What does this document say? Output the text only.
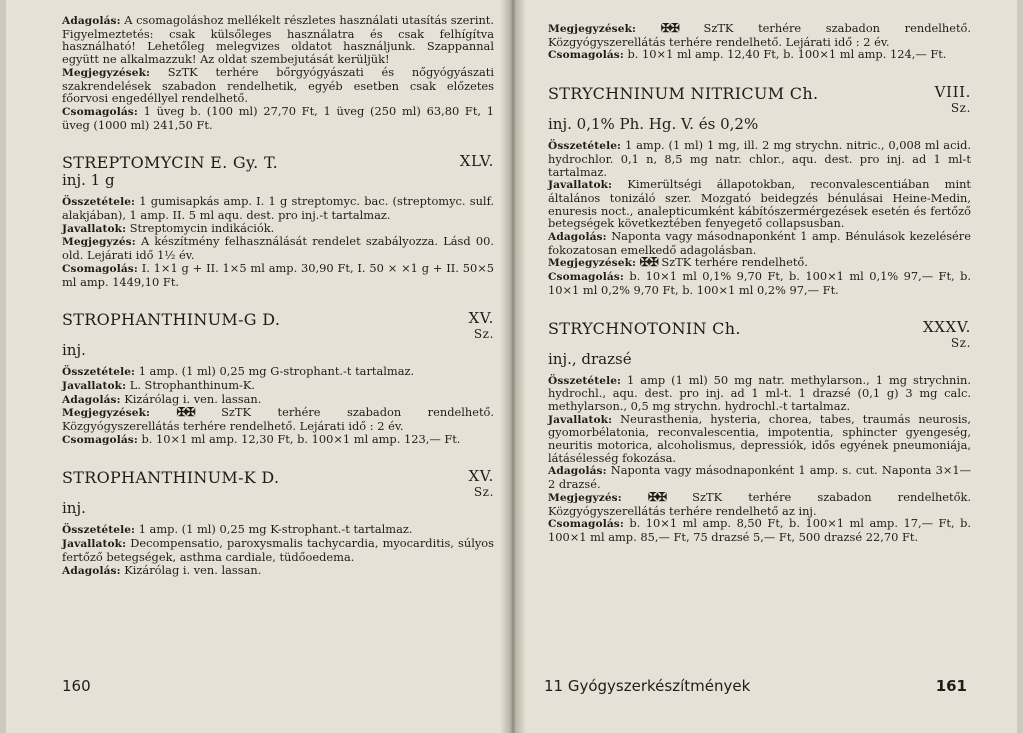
Adagolás: A csomagoláshoz mellékelt részletes használati utasítás szerint. Figyelmeztetés: csak külsőleges használatra és csak felhígítva használható! Lehetőleg melegvizes oldatot használjunk. Szappannal együtt ne alkalmazzuk! Az oldat szembejutását kerüljük!

Megjegyzések: SzTK terhére bőrgyógyászati és nőgyógyászati szakrendelések szabadon rendelhetik, egyéb esetben csak előzetes főorvosi engedéllyel rendelhető.

Csomagolás: 1 üveg b. (100 ml) 27,70 Ft, 1 üveg (250 ml) 63,80 Ft, 1 üveg (1000 ml) 241,50 Ft.

STREPTOMYCIN E. Gy. T.	XLV.
inj. 1 g

Összetétele: 1 gumisapkás amp. I. 1 g streptomyc. bac. (streptomyc. sulf. alakjában), 1 amp. II. 5 ml aqu. dest. pro inj.-t tartalmaz.

Javallatok: Streptomycin indikációk.

Megjegyzés: A készítmény felhasználását rendelet szabályozza. Lásd 00. old. Lejárati idő 1½ év.

Csomagolás: I. 1×1 g + II. 1×5 ml amp. 30,90 Ft, I. 50 × ×1 g + II. 50×5 ml amp. 1449,10 Ft.

STROPHANTHINUM-G D.	XV.
Sz.
inj.

Összetétele: 1 amp. (1 ml) 0,25 mg G-strophant.-t tartalmaz.

Javallatok: L. Strophanthinum-K.

Adagolás: Kizárólag i. ven. lassan.

Megjegyzések: ✠✠ SzTK terhére szabadon rendelhető. Közgyógyszerellátás terhére rendelhető. Lejárati idő : 2 év.

Csomagolás: b. 10×1 ml amp. 12,30 Ft, b. 100×1 ml amp. 123,— Ft.

STROPHANTHINUM-K D.	XV.
Sz.
inj.

Összetétele: 1 amp. (1 ml) 0,25 mg K-strophant.-t tartalmaz.

Javallatok: Decompensatio, paroxysmalis tachycardia, myocarditis, súlyos fertőző betegségek, asthma cardiale, tüdőoedema.

Adagolás: Kizárólag i. ven. lassan.

160

Megjegyzések: ✠✠ SzTK terhére szabadon rendelhető. Közgyógyszerellátás terhére rendelhető. Lejárati idő : 2 év.

Csomagolás: b. 10×1 ml amp. 12,40 Ft, b. 100×1 ml amp. 124,— Ft.

STRYCHNINUM NITRICUM Ch.	VIII.
Sz.
inj. 0,1% Ph. Hg. V. és 0,2%

Összetétele: 1 amp. (1 ml) 1 mg, ill. 2 mg strychn. nitric., 0,008 ml acid. hydrochlor. 0,1 n, 8,5 mg natr. chlor., aqu. dest. pro inj. ad 1 ml-t tartalmaz.

Javallatok: Kimerültségi állapotokban, reconvalescentiában mint általános tonizáló szer. Mozgató beidegzés bénulásai Heine-Medin, enuresis noct., analepticumként kábítószermérgezések esetén és fertőző betegségek következtében fenyegető collapsusban.

Adagolás: Naponta vagy másodnaponként 1 amp. Bénulások kezelésére fokozatosan emelkedő adagolásban.

Megjegyzések: ✠✠ SzTK terhére rendelhető.

Csomagolás: b. 10×1 ml 0,1% 9,70 Ft, b. 100×1 ml 0,1% 97,— Ft, b. 10×1 ml 0,2% 9,70 Ft, b. 100×1 ml 0,2% 97,— Ft.

STRYCHNOTONIN Ch.	XXXV.
Sz.
inj., drazsé

Összetétele: 1 amp (1 ml) 50 mg natr. methylarson., 1 mg strychnin. hydrochl., aqu. dest. pro inj. ad 1 ml-t. 1 drazsé (0,1 g) 3 mg calc. methylarson., 0,5 mg strychn. hydrochl.-t tartalmaz.

Javallatok: Neurasthenia, hysteria, chorea, tabes, traumás neurosis, gyomorbélatonia, reconvalescentia, impotentia, sphincter gyengeség, neuritis motorica, alcoholismus, depressiók, idős egyének pneumoniája, látásélesség fokozása.

Adagolás: Naponta vagy másodnaponként 1 amp. s. cut. Naponta 3×1—2 drazsé.

Megjegyzés: ✠✠ SzTK terhére szabadon rendelhetők. Közgyógyszerellátás terhére rendelhető az inj.

Csomagolás: b. 10×1 ml amp. 8,50 Ft, b. 100×1 ml amp. 17,— Ft, b. 100×1 ml amp. 85,— Ft, 75 drazsé 5,— Ft, 500 drazsé 22,70 Ft.

11 Gyógyszerkészítmények	161
